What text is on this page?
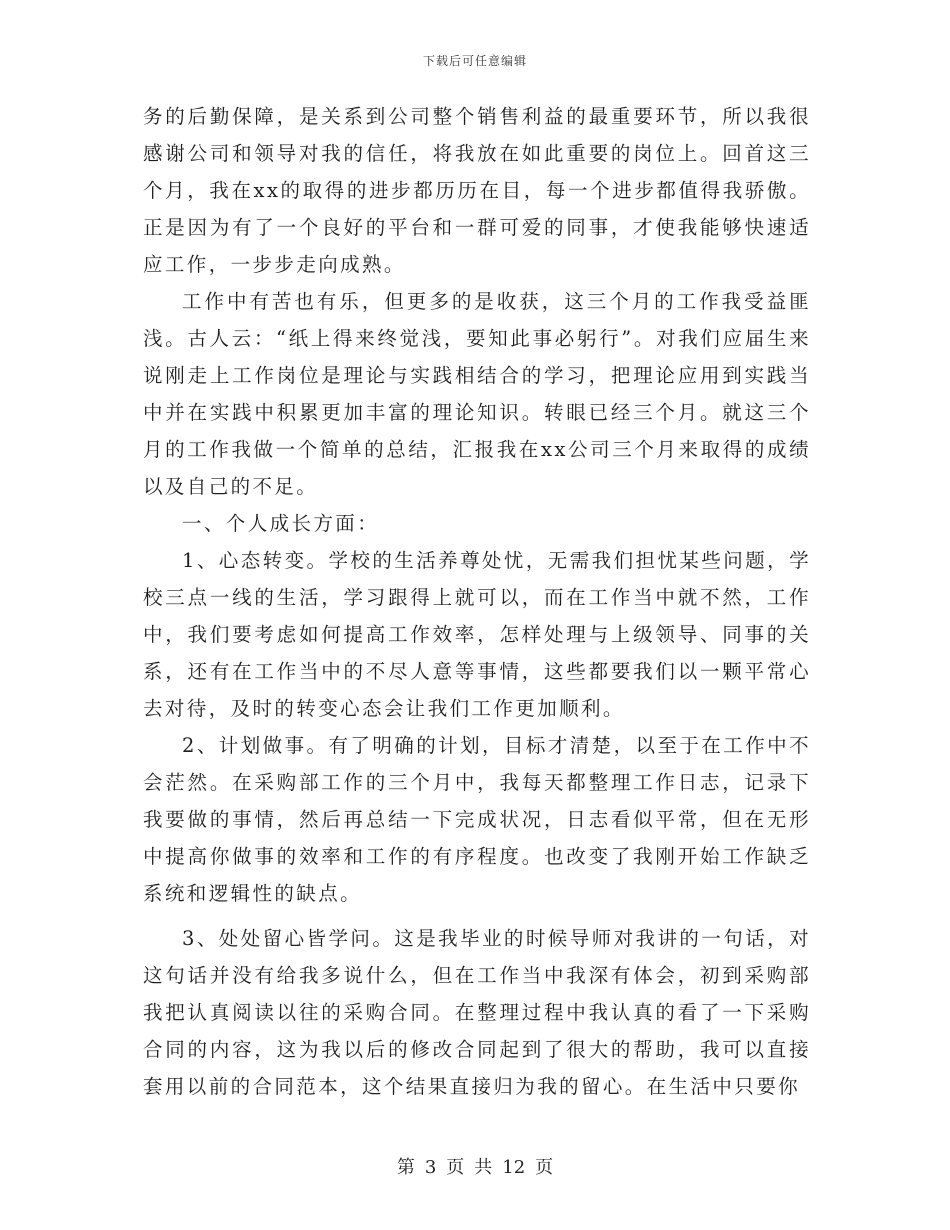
下载后可任意编辑

务的后勤保障，是关系到公司整个销售利益的最重要环节，所以我很感谢公司和领导对我的信任，将我放在如此重要的岗位上。回首这三个月，我在xx的取得的进步都历历在目，每一个进步都值得我骄傲。正是因为有了一个良好的平台和一群可爱的同事，才使我能够快速适应工作，一步步走向成熟。

工作中有苦也有乐，但更多的是收获，这三个月的工作我受益匪浅。古人云：“纸上得来终觉浅，要知此事必躬行”。对我们应届生来说刚走上工作岗位是理论与实践相结合的学习，把理论应用到实践当中并在实践中积累更加丰富的理论知识。转眼已经三个月。就这三个月的工作我做一个简单的总结，汇报我在xx公司三个月来取得的成绩以及自己的不足。

一、个人成长方面：

1、心态转变。学校的生活养尊处忧，无需我们担忧某些问题，学校三点一线的生活，学习跟得上就可以，而在工作当中就不然，工作中，我们要考虑如何提高工作效率，怎样处理与上级领导、同事的关系，还有在工作当中的不尽人意等事情，这些都要我们以一颗平常心去对待，及时的转变心态会让我们工作更加顺利。

2、计划做事。有了明确的计划，目标才清楚，以至于在工作中不会茫然。在采购部工作的三个月中，我每天都整理工作日志，记录下我要做的事情，然后再总结一下完成状况，日志看似平常，但在无形中提高你做事的效率和工作的有序程度。也改变了我刚开始工作缺乏系统和逻辑性的缺点。

3、处处留心皆学问。这是我毕业的时候导师对我讲的一句话，对这句话并没有给我多说什么，但在工作当中我深有体会，初到采购部我把认真阅读以往的采购合同。在整理过程中我认真的看了一下采购合同的内容，这为我以后的修改合同起到了很大的帮助，我可以直接套用以前的合同范本，这个结果直接归为我的留心。在生活中只要你

第 3 页 共 12 页
